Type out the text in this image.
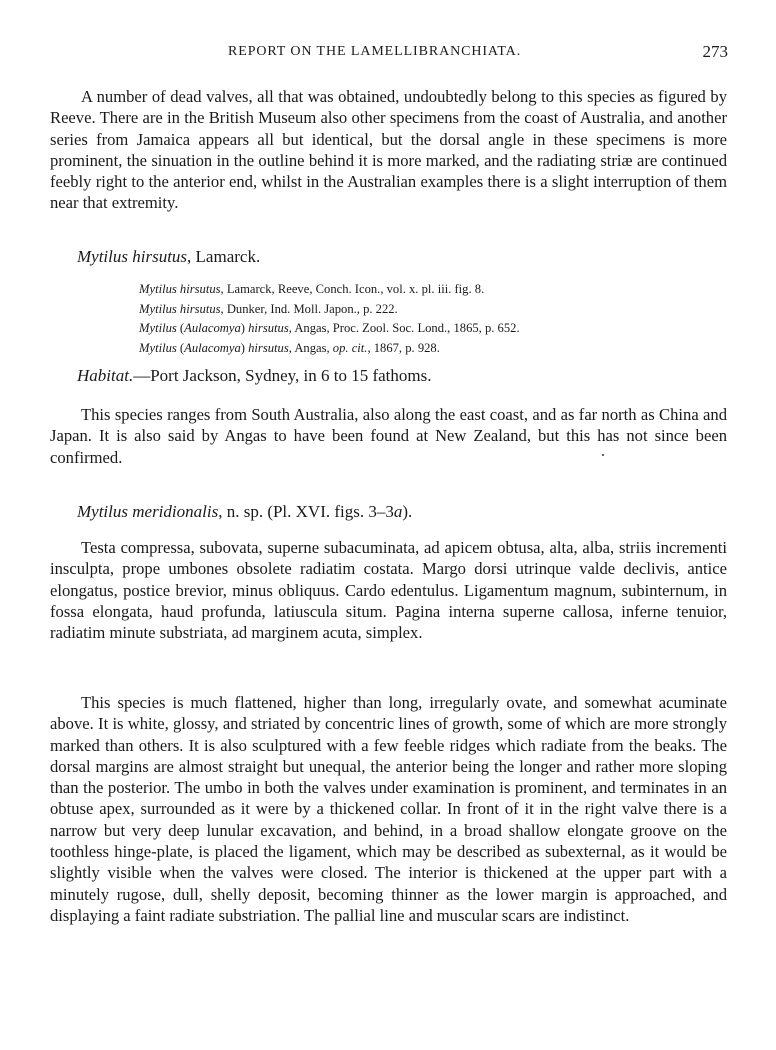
REPORT ON THE LAMELLIBRANCHIATA.	273

A number of dead valves, all that was obtained, undoubtedly belong to this species as figured by Reeve. There are in the British Museum also other specimens from the coast of Australia, and another series from Jamaica appears all but identical, but the dorsal angle in these specimens is more prominent, the sinuation in the outline behind it is more marked, and the radiating striæ are continued feebly right to the anterior end, whilst in the Australian examples there is a slight interruption of them near that extremity.

Mytilus hirsutus, Lamarck.

Mytilus hirsutus, Lamarck, Reeve, Conch. Icon., vol. x. pl. iii. fig. 8.
Mytilus hirsutus, Dunker, Ind. Moll. Japon., p. 222.
Mytilus (Aulacomya) hirsutus, Angas, Proc. Zool. Soc. Lond., 1865, p. 652.
Mytilus (Aulacomya) hirsutus, Angas, op. cit., 1867, p. 928.

Habitat.—Port Jackson, Sydney, in 6 to 15 fathoms.

This species ranges from South Australia, also along the east coast, and as far north as China and Japan. It is also said by Angas to have been found at New Zealand, but this has not since been confirmed.

Mytilus meridionalis, n. sp. (Pl. XVI. figs. 3–3a).

Testa compressa, subovata, superne subacuminata, ad apicem obtusa, alta, alba, striis incrementi insculpta, prope umbones obsolete radiatim costata. Margo dorsi utrinque valde declivis, antice elongatus, postice brevior, minus obliquus. Cardo edentulus. Ligamentum magnum, subinternum, in fossa elongata, haud profunda, latiuscula situm. Pagina interna superne callosa, inferne tenuior, radiatim minute substriata, ad marginem acuta, simplex.

This species is much flattened, higher than long, irregularly ovate, and somewhat acuminate above. It is white, glossy, and striated by concentric lines of growth, some of which are more strongly marked than others. It is also sculptured with a few feeble ridges which radiate from the beaks. The dorsal margins are almost straight but unequal, the anterior being the longer and rather more sloping than the posterior. The umbo in both the valves under examination is prominent, and terminates in an obtuse apex, surrounded as it were by a thickened collar. In front of it in the right valve there is a narrow but very deep lunular excavation, and behind, in a broad shallow elongate groove on the toothless hinge-plate, is placed the ligament, which may be described as subexternal, as it would be slightly visible when the valves were closed. The interior is thickened at the upper part with a minutely rugose, dull, shelly deposit, becoming thinner as the lower margin is approached, and displaying a faint radiate substriation. The pallial line and muscular scars are indistinct.
